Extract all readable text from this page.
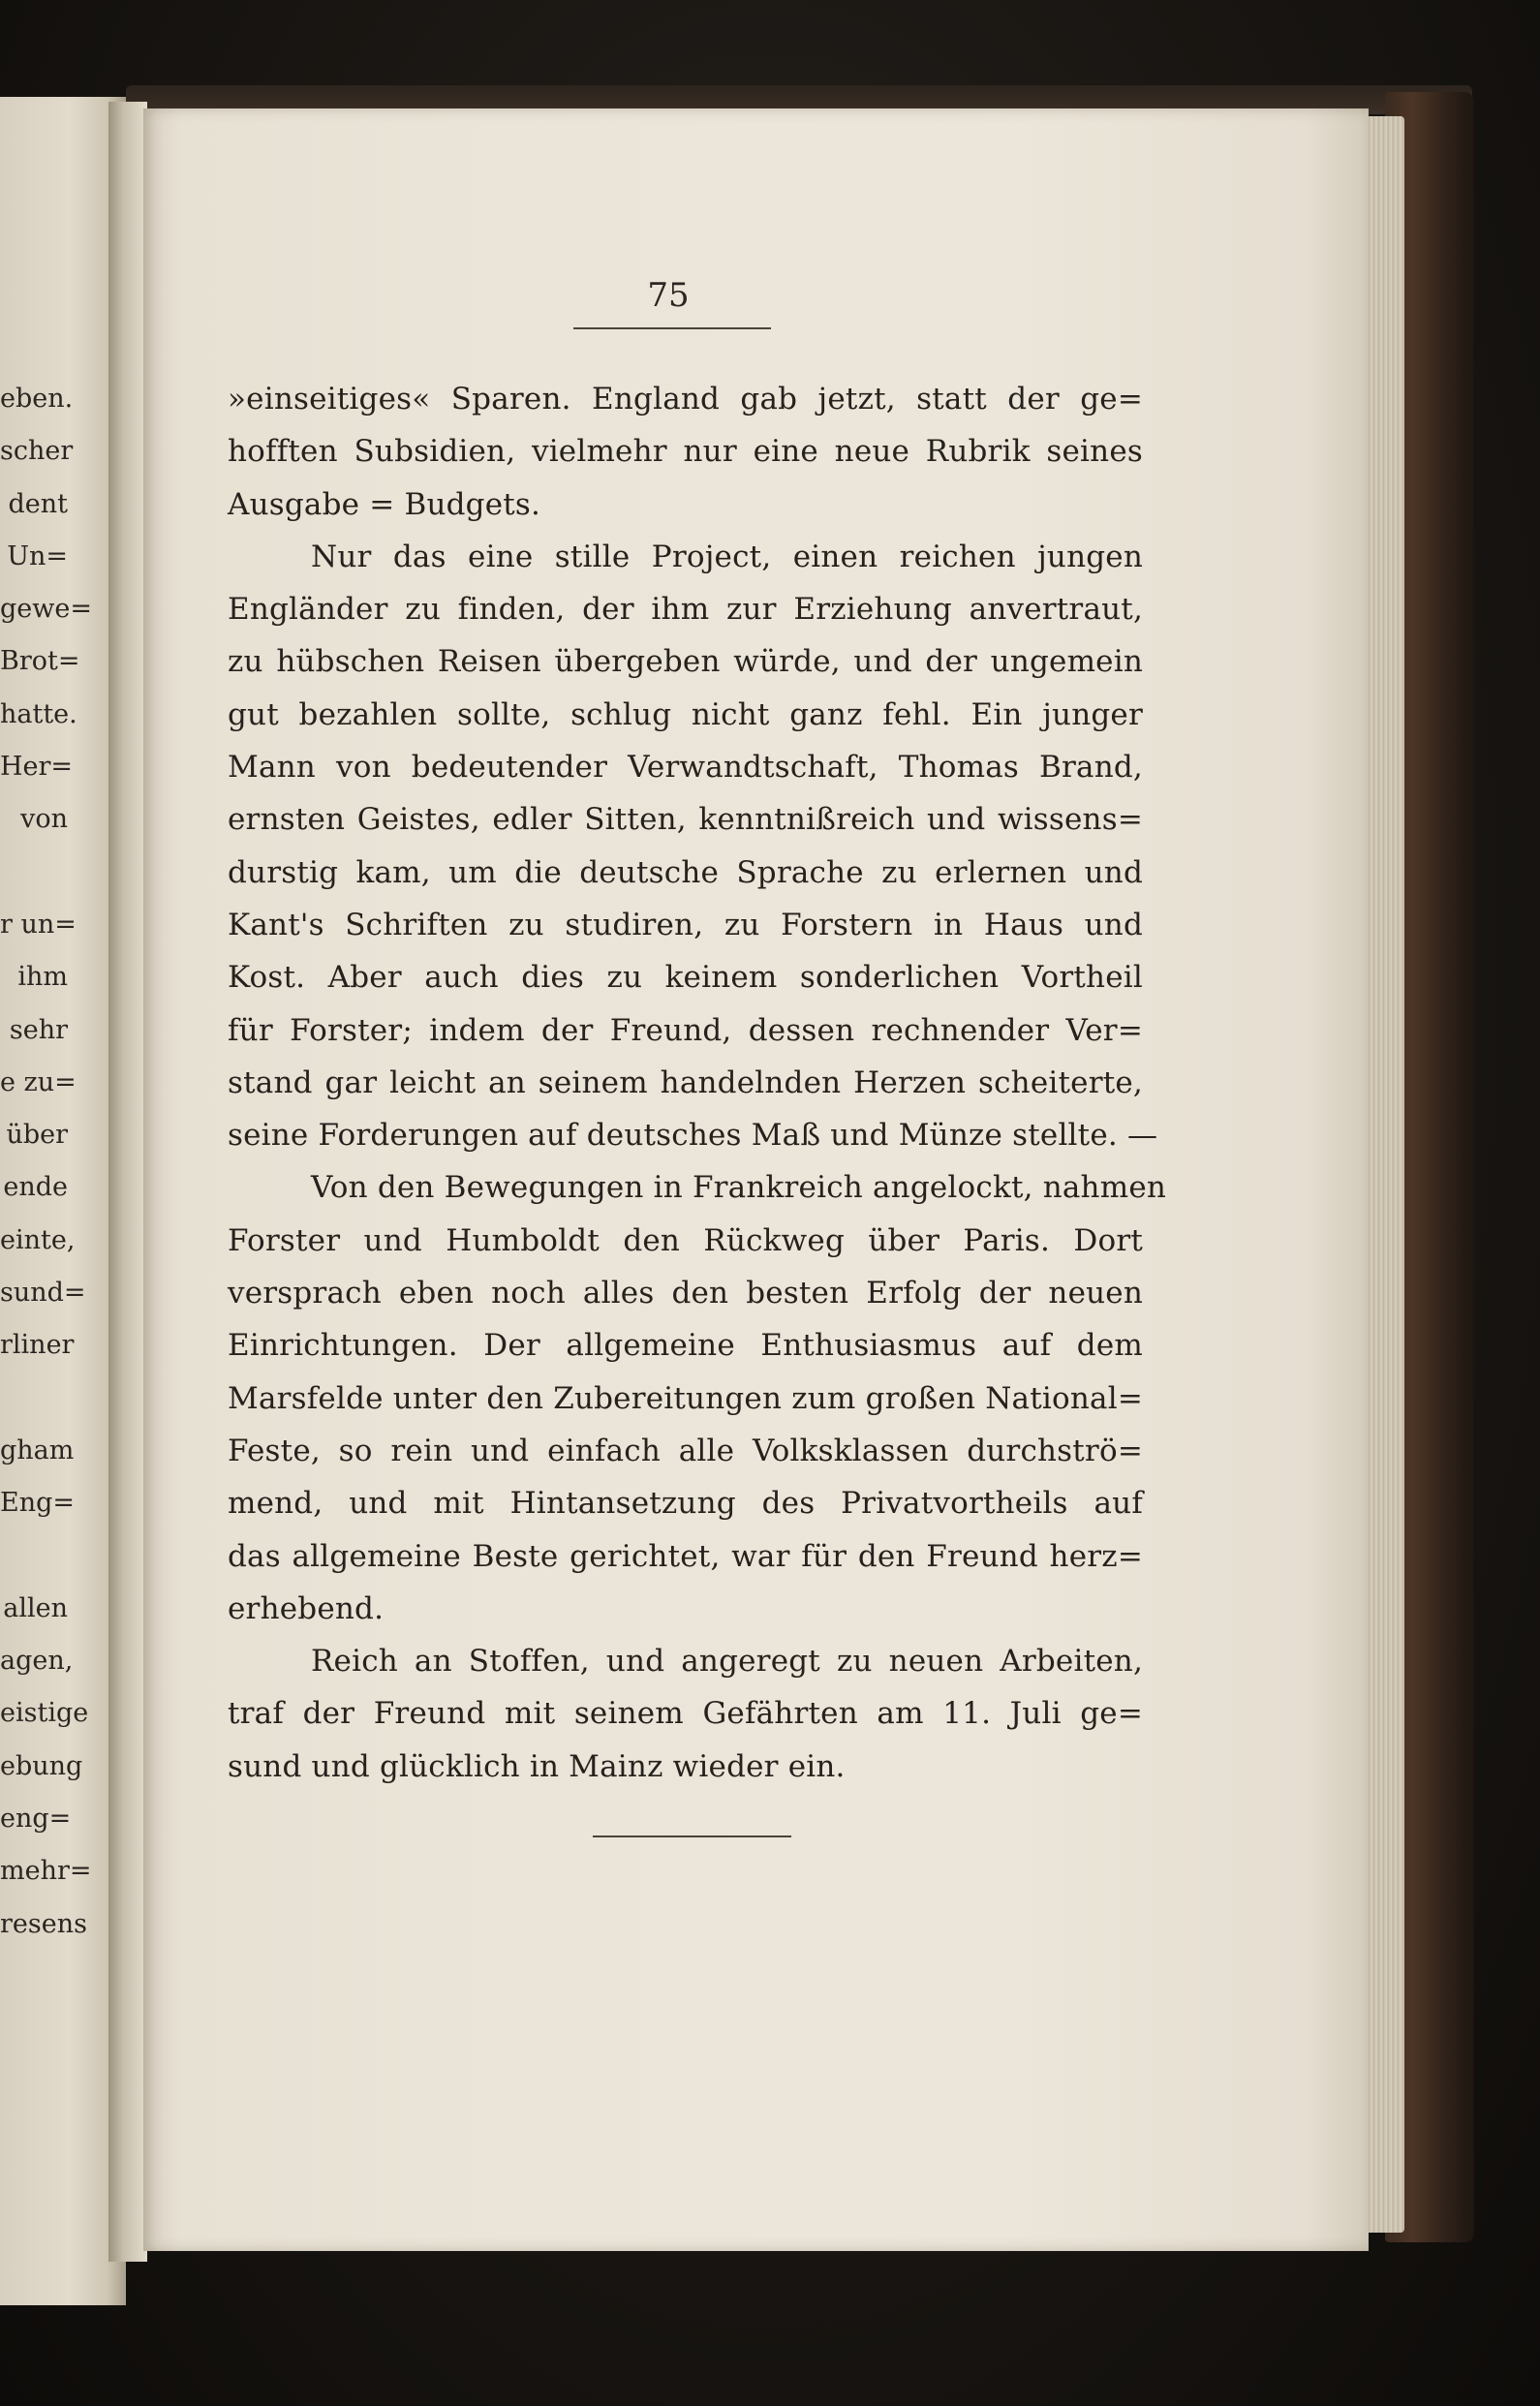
eben.
scher
dent
Un=
gewe=
Brot=
hatte.
Her=
von
r un=
ihm
sehr
e zu=
über
ende
einte,
sund=
rliner
gham
Eng=
allen
agen,
eistige
ebung
eng=
mehr=
resens
75
»einseitiges« Sparen. England gab jetzt, statt der ge=
hofften Subsidien, vielmehr nur eine neue Rubrik seines
Ausgabe = Budgets.
Nur das eine stille Project, einen reichen jungen
Engländer zu finden, der ihm zur Erziehung anvertraut,
zu hübschen Reisen übergeben würde, und der ungemein
gut bezahlen sollte, schlug nicht ganz fehl. Ein junger
Mann von bedeutender Verwandtschaft, Thomas Brand,
ernsten Geistes, edler Sitten, kenntnißreich und wissens=
durstig kam, um die deutsche Sprache zu erlernen und
Kant's Schriften zu studiren, zu Forstern in Haus und
Kost. Aber auch dies zu keinem sonderlichen Vortheil
für Forster; indem der Freund, dessen rechnender Ver=
stand gar leicht an seinem handelnden Herzen scheiterte,
seine Forderungen auf deutsches Maß und Münze stellte. —
Von den Bewegungen in Frankreich angelockt, nahmen
Forster und Humboldt den Rückweg über Paris. Dort
versprach eben noch alles den besten Erfolg der neuen
Einrichtungen. Der allgemeine Enthusiasmus auf dem
Marsfelde unter den Zubereitungen zum großen National=
Feste, so rein und einfach alle Volksklassen durchströ=
mend, und mit Hintansetzung des Privatvortheils auf
das allgemeine Beste gerichtet, war für den Freund herz=
erhebend.
Reich an Stoffen, und angeregt zu neuen Arbeiten,
traf der Freund mit seinem Gefährten am 11. Juli ge=
sund und glücklich in Mainz wieder ein.
